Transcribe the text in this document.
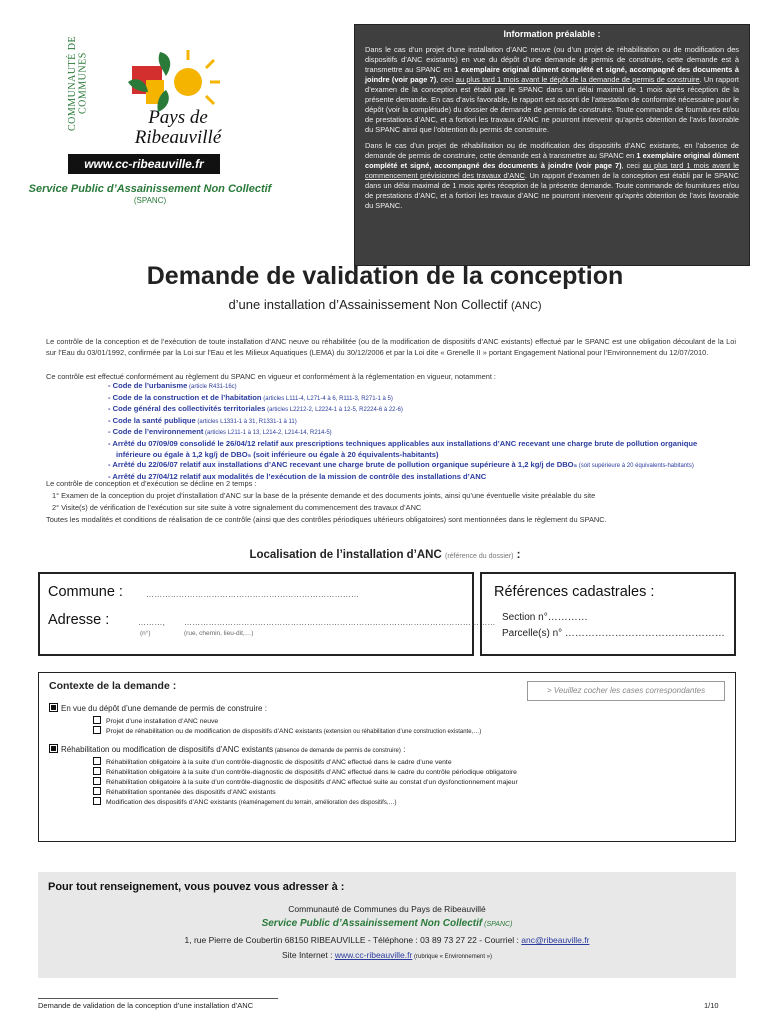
COMMUNAUTÉ DE COMMUNES
Pays de
Ribeauvillé
www.cc-ribeauville.fr
Service Public d’Assainissement Non Collectif
(SPANC)
Information préalable :
Dans le cas d’un projet d’une installation d’ANC neuve (ou d’un projet de réhabilitation ou de modification des dispositifs d’ANC existants) en vue du dépôt d’une demande de permis de construire, cette demande est à transmettre au SPANC en 1 exemplaire original dûment complété et signé, accompagné des documents à joindre (voir page 7), ceci au plus tard 1 mois avant le dépôt de la demande de permis de construire. Un rapport d’examen de la conception est établi par le SPANC dans un délai maximal de 1 mois après réception de la présente demande. En cas d’avis favorable, le rapport est assorti de l’attestation de conformité nécessaire pour le dépôt (voir la complétude) du dossier de demande de permis de construire. Toute commande de fournitures et/ou de prestations d’ANC, et a fortiori les travaux d’ANC ne pourront intervenir qu’après obtention de l’avis favorable du SPANC ainsi que l’obtention du permis de construire.
Dans le cas d’un projet de réhabilitation ou de modification des dispositifs d’ANC existants, en l’absence de demande de permis de construire, cette demande est à transmettre au SPANC en 1 exemplaire original dûment complété et signé, accompagné des documents à joindre (voir page 7), ceci au plus tard 1 mois avant le commencement prévisionnel des travaux d’ANC. Un rapport d’examen de la conception est établi par le SPANC dans un délai maximal de 1 mois après réception de la présente demande. Toute commande de fournitures et/ou de prestations d’ANC, et a fortiori les travaux d’ANC ne pourront intervenir qu’après obtention de l’avis favorable du SPANC.
Demande de validation de la conception
d’une installation d’Assainissement Non Collectif (ANC)
Le contrôle de la conception et de l’exécution de toute installation d’ANC neuve ou réhabilitée (ou de la modification de dispositifs d’ANC existants) effectué par le SPANC est une obligation découlant de la Loi sur l’Eau du 03/01/1992, confirmée par la Loi sur l’Eau et les Milieux Aquatiques (LEMA) du 30/12/2006 et par la Loi dite « Grenelle II » portant Engagement National pour l’Environnement du 12/07/2010.
Ce contrôle est effectué conformément au règlement du SPANC en vigueur et conformément à la réglementation en vigueur, notamment :
- Code de l’urbanisme (article R431-16c)
- Code de la construction et de l’habitation (articles L111-4, L271-4 à 6, R111-3, R271-1 à 5)
- Code général des collectivités territoriales (articles L2212-2, L2224-1 à 12-5, R2224-6 à 22-6)
- Code la santé publique (articles L1331-1 à 31, R1331-1 à 11)
- Code de l’environnement (articles L211-1 à 13, L214-2, L214-14, R214-5)
- Arrêté du 07/09/09 consolidé le 26/04/12 relatif aux prescriptions techniques applicables aux installations d’ANC recevant une charge brute de pollution organique
inférieure ou égale à 1,2 kg/j de DBO₅ (soit inférieure ou égale à 20 équivalents-habitants)
- Arrêté du 22/06/07 relatif aux installations d’ANC recevant une charge brute de pollution organique supérieure à 1,2 kg/j de DBO₅ (soit supérieure à 20 équivalents-habitants)
- Arrêté du 27/04/12 relatif aux modalités de l’exécution de la mission de contrôle des installations d’ANC
Le contrôle de conception et d’exécution se décline en 2 temps :
1° Examen de la conception du projet d’installation d’ANC sur la base de la présente demande et des documents joints, ainsi qu’une éventuelle visite préalable du site
2° Visite(s) de vérification de l’exécution sur site suite à votre signalement du commencement des travaux d’ANC
Toutes les modalités et conditions de réalisation de ce contrôle (ainsi que des contrôles périodiques ultérieurs obligatoires) sont mentionnées dans le règlement du SPANC.
Localisation de l’installation d’ANC (référence du dossier) :
Commune :	……………………………………………………………………
Adresse :	………, ……………………………………………………………………………………………………
(n°)	(rue, chemin, lieu-dit,…)
Références cadastrales :
Section n°…………
Parcelle(s) n° …………………………………………
Contexte de la demande :	> Veuillez cocher les cases correspondantes
En vue du dépôt d’une demande de permis de construire :
Projet d’une installation d’ANC neuve
Projet de réhabilitation ou de modification de dispositifs d’ANC existants (extension ou réhabilitation d’une construction existante,…)
Réhabilitation ou modification de dispositifs d’ANC existants (absence de demande de permis de construire) :
Réhabilitation obligatoire à la suite d’un contrôle-diagnostic de dispositifs d’ANC effectué dans le cadre d’une vente
Réhabilitation obligatoire à la suite d’un contrôle-diagnostic de dispositifs d’ANC effectué dans le cadre du contrôle périodique obligatoire
Réhabilitation obligatoire à la suite d’un contrôle-diagnostic de dispositifs d’ANC effectué suite au constat d’un dysfonctionnement majeur
Réhabilitation spontanée des dispositifs d’ANC existants
Modification des dispositifs d’ANC existants (réaménagement du terrain, amélioration des dispositifs,…)
Pour tout renseignement, vous pouvez vous adresser à :
Communauté de Communes du Pays de Ribeauvillé
Service Public d’Assainissement Non Collectif (SPANC)
1, rue Pierre de Coubertin 68150 RIBEAUVILLE - Téléphone : 03 89 73 27 22 - Courriel : anc@ribeauville.fr
Site Internet : www.cc-ribeauville.fr (rubrique « Environnement »)
Demande de validation de la conception d’une installation d’ANC	1/10
